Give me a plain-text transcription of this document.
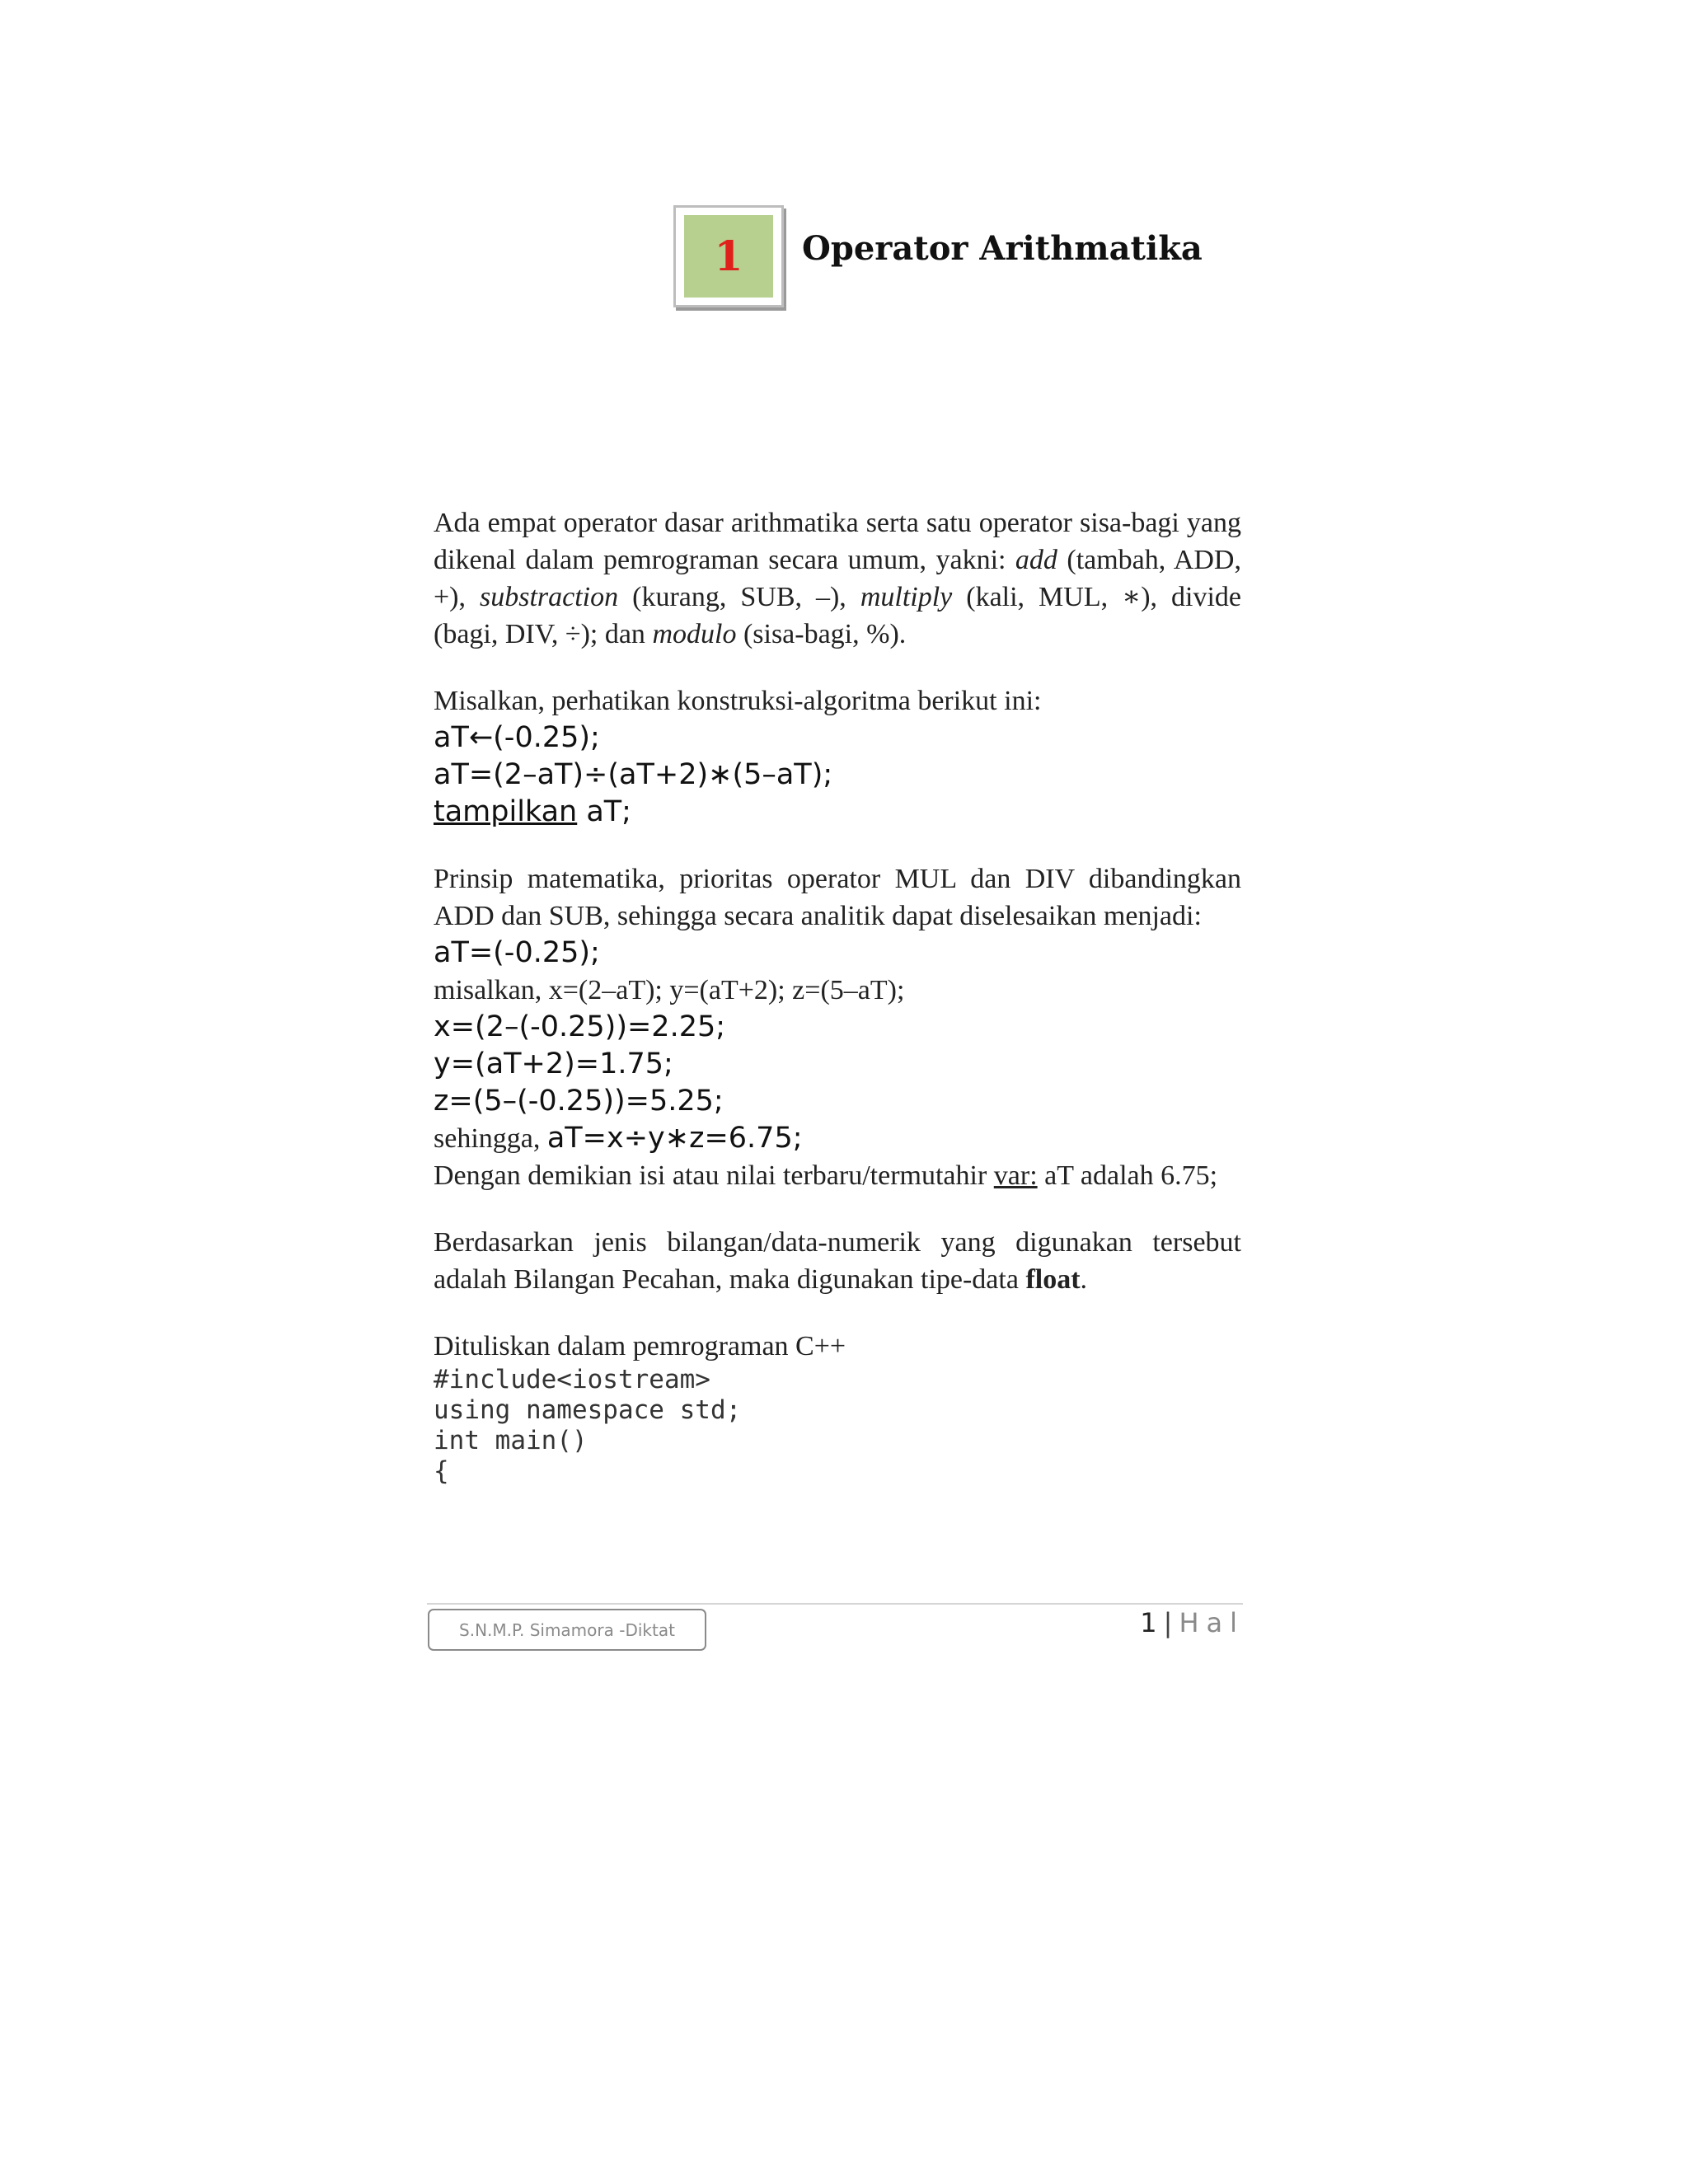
1 Operator Arithmatika

Ada empat operator dasar arithmatika serta satu operator sisa-bagi yang dikenal dalam pemrograman secara umum, yakni: add (tambah, ADD, +), substraction (kurang, SUB, –), multiply (kali, MUL, ∗), divide (bagi, DIV, ÷); dan modulo (sisa-bagi, %).

Misalkan, perhatikan konstruksi-algoritma berikut ini:

aT←(-0.25);

aT=(2–aT)÷(aT+2)∗(5–aT);

tampilkan aT;

Prinsip matematika, prioritas operator MUL dan DIV dibandingkan ADD dan SUB, sehingga secara analitik dapat diselesaikan menjadi:

aT=(-0.25);

misalkan, x=(2–aT); y=(aT+2); z=(5–aT);

x=(2–(-0.25))=2.25;

y=(aT+2)=1.75;

z=(5–(-0.25))=5.25;

sehingga, aT=x÷y∗z=6.75;

Dengan demikian isi atau nilai terbaru/termutahir var: aT adalah 6.75;

Berdasarkan jenis bilangan/data-numerik yang digunakan tersebut adalah Bilangan Pecahan, maka digunakan tipe-data float.

Dituliskan dalam pemrograman C++

#include<iostream>
using namespace std;
int main()
{
S.N.M.P. Simamora -Diktat	1 | Hal
